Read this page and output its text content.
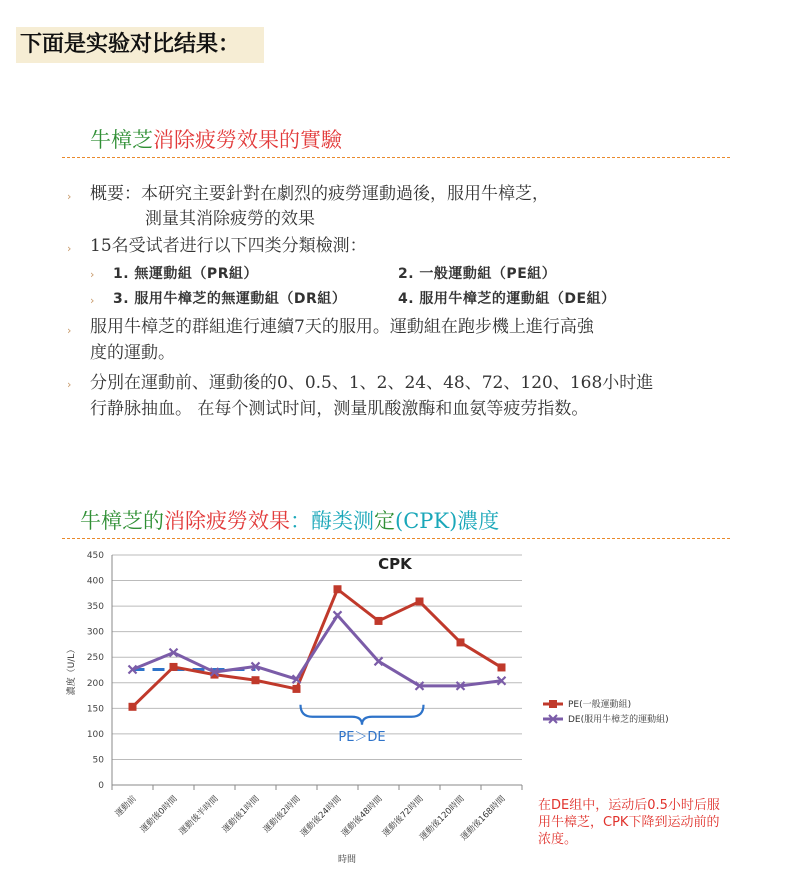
下面是实验对比结果：
牛樟芝消除疲勞效果的實驗
› 概要：本研究主要針對在劇烈的疲勞運動過後，服用牛樟芝，
測量其消除疲勞的效果
› 15名受试者进行以下四类分類檢測：
› 1. 無運動組（PR組）	2. 一般運動組（PE組）
› 3. 服用牛樟芝的無運動組（DR組）	4. 服用牛樟芝的運動組（DE組）
› 服用牛樟芝的群組進行連續7天的服用。運動組在跑步機上進行高強
度的運動。
› 分別在運動前、運動後的0、0.5、1、2、24、48、72、120、168小时進
行静脉抽血。 在每个测试时间，测量肌酸激酶和血氨等疲劳指数。
牛樟芝的消除疲勞效果：酶类测定(CPK)濃度
0
50
100
150
200
250
300
350
400
450
運動前 運動後0時間
運動後半時間 運動後1時間 運動後2時間
運動後24時間
運動後48時間
運動後72時間
運動後120時間
運動後168時間
濃度（U/L）
時間
CPK
PE＞DE
PE(一般運動組)
DE(服用牛樟芝的運動組)
在DE组中，运动后0.5小时后服
用牛樟芝，CPK下降到运动前的
浓度。
